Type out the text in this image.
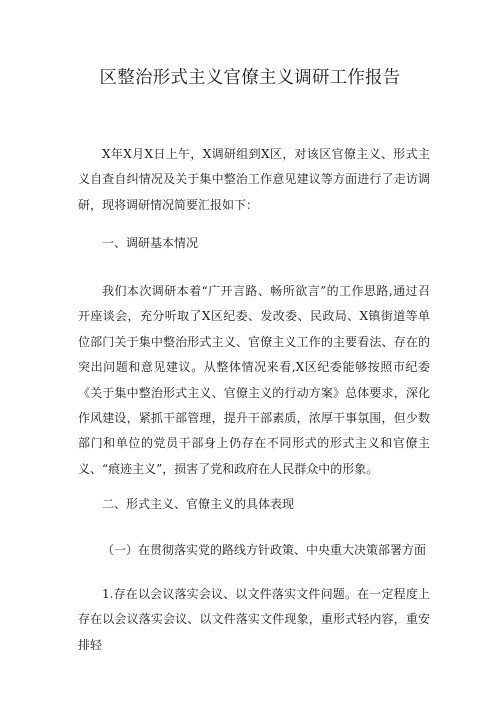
区整治形式主义官僚主义调研工作报告

X年X月X日上午，X调研组到X区，对该区官僚主义、形式主义自查自纠情况及关于集中整治工作意见建议等方面进行了走访调研，现将调研情况简要汇报如下：

一、调研基本情况

我们本次调研本着“广开言路、畅所欲言”的工作思路,通过召开座谈会，充分听取了X区纪委、发改委、民政局、X镇街道等单位部门关于集中整治形式主义、官僚主义工作的主要看法、存在的突出问题和意见建议。从整体情况来看,X区纪委能够按照市纪委《关于集中整治形式主义、官僚主义的行动方案》总体要求，深化作风建设，紧抓干部管理，提升干部素质，浓厚干事氛围，但少数部门和单位的党员干部身上仍存在不同形式的形式主义和官僚主义、“痕迹主义”，损害了党和政府在人民群众中的形象。

二、形式主义、官僚主义的具体表现

（一）在贯彻落实党的路线方针政策、中央重大决策部署方面

1.存在以会议落实会议、以文件落实文件问题。在一定程度上存在以会议落实会议、以文件落实文件现象，重形式轻内容，重安排轻
